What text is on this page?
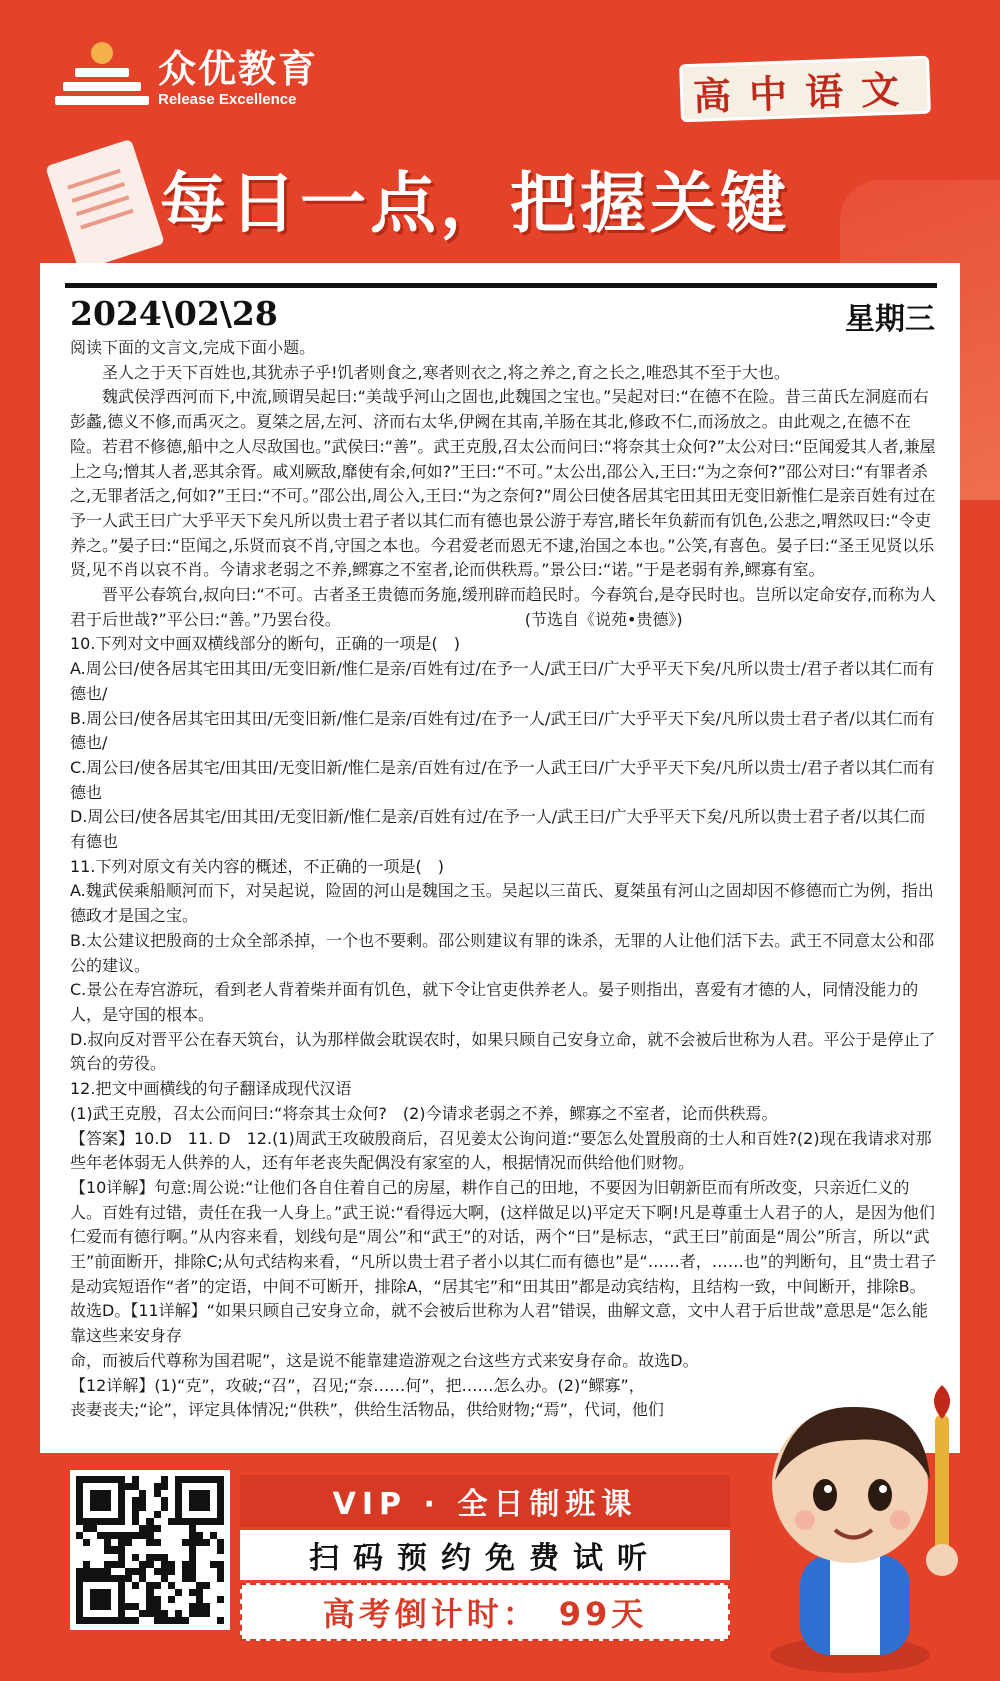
众优教育
Release Excellence	高中语文
每日一点，把握关键
2024\02\28	星期三

阅读下面的文言文,完成下面小题。

圣人之于天下百姓也,其犹赤子乎!饥者则食之,寒者则衣之,将之养之,育之长之,唯恐其不至于大也。

魏武侯浮西河而下,中流,顾谓吴起曰:“美哉乎河山之固也,此魏国之宝也。”吴起对曰:“在德不在险。昔三苗氏左洞庭而右彭蠡,德义不修,而禹灭之。夏桀之居,左河、济而右太华,伊阙在其南,羊肠在其北,修政不仁,而汤放之。由此观之,在德不在险。若君不修德,船中之人尽敌国也。”武侯曰:“善”。武王克殷,召太公而问曰:“将奈其士众何?”太公对曰:“臣闻爱其人者,兼屋上之乌;憎其人者,恶其余胥。咸刈厥敌,靡使有余,何如?”王曰:“不可。”太公出,邵公入,王曰:“为之奈何?”邵公对曰:“有罪者杀之,无罪者活之,何如?”王曰:“不可。”邵公出,周公入,王曰:“为之奈何?”周公曰使各居其宅田其田无变旧新惟仁是亲百姓有过在予一人武王曰广大乎平天下矣凡所以贵士君子者以其仁而有德也景公游于寿宫,睹长年负薪而有饥色,公悲之,喟然叹曰:“令吏养之。”晏子曰:“臣闻之,乐贤而哀不肖,守国之本也。今君爱老而恩无不逮,治国之本也。”公笑,有喜色。晏子曰:“圣王见贤以乐贤,见不肖以哀不肖。今请求老弱之不养,鳏寡之不室者,论而供秩焉。”景公曰:“诺。”于是老弱有养,鳏寡有室。

晋平公春筑台,叔向曰:“不可。古者圣王贵德而务施,缓刑辟而趋民时。今春筑台,是夺民时也。岂所以定命安存,而称为人君于后世哉?”平公曰:“善。”乃罢台役。　　　　　　　　　　　　(节选自《说苑•贵德》)

10.下列对文中画双横线部分的断句，正确的一项是(　)

A.周公曰/使各居其宅田其田/无变旧新/惟仁是亲/百姓有过/在予一人/武王曰/广大乎平天下矣/凡所以贵士/君子者以其仁而有德也/

B.周公曰/使各居其宅田其田/无变旧新/惟仁是亲/百姓有过/在予一人/武王曰/广大乎平天下矣/凡所以贵士君子者/以其仁而有德也/

C.周公曰/使各居其宅/田其田/无变旧新/惟仁是亲/百姓有过/在予一人武王曰/广大乎平天下矣/凡所以贵士/君子者以其仁而有德也

D.周公曰/使各居其宅/田其田/无变旧新/惟仁是亲/百姓有过/在予一人/武王曰/广大乎平天下矣/凡所以贵士君子者/以其仁而有德也

11.下列对原文有关内容的概述，不正确的一项是(　)

A.魏武侯乘船顺河而下，对吴起说，险固的河山是魏国之玉。吴起以三苗氏、夏桀虽有河山之固却因不修德而亡为例，指出德政才是国之宝。

B.太公建议把殷商的士众全部杀掉，一个也不要剩。邵公则建议有罪的诛杀，无罪的人让他们活下去。武王不同意太公和邵公的建议。

C.景公在寿宫游玩，看到老人背着柴并面有饥色，就下令让官吏供养老人。晏子则指出，喜爱有才德的人，同情没能力的人，是守国的根本。

D.叔向反对晋平公在春天筑台，认为那样做会耽误农时，如果只顾自己安身立命，就不会被后世称为人君。平公于是停止了筑台的劳役。

12.把文中画横线的句子翻译成现代汉语

(1)武王克殷，召太公而问曰:“将奈其士众何?　(2)今请求老弱之不养，鳏寡之不室者，论而供秩焉。

【答案】10.D　11. D　12.(1)周武王攻破殷商后，召见姜太公询问道:“要怎么处置殷商的士人和百姓?(2)现在我请求对那些年老体弱无人供养的人，还有年老丧失配偶没有家室的人，根据情况而供给他们财物。

【10详解】句意:周公说:“让他们各自住着自己的房屋，耕作自己的田地，不要因为旧朝新臣而有所改变，只亲近仁义的人。百姓有过错，责任在我一人身上。”武王说:“看得远大啊，(这样做足以)平定天下啊!凡是尊重士人君子的人，是因为他们仁爱而有德行啊。”从内容来看，划线句是“周公”和“武王”的对话，两个“曰”是标志，“武王曰”前面是“周公”所言，所以“武王”前面断开，排除C;从句式结构来看，“凡所以贵士君子者小以其仁而有德也”是“……者，……也”的判断句，且“贵士君子是动宾短语作“者”的定语，中间不可断开，排除A，“居其宅”和“田其田”都是动宾结构，且结构一致，中间断开，排除B。故选D。【11详解】“如果只顾自己安身立命，就不会被后世称为人君”错误，曲解文意，文中人君于后世哉”意思是“怎么能靠这些来安身存

命，而被后代尊称为国君呢”，这是说不能靠建造游观之台这些方式来安身存命。故选D。

【12详解】(1)“克”，攻破;“召”，召见;“奈……何”，把……怎么办。(2)“鳏寡”，

丧妻丧夫;“论”，评定具体情况;“供秩”，供给生活物品，供给财物;“焉”，代词，他们

VIP · 全日制班课
扫码预约免费试听
高考倒计时：　99天
